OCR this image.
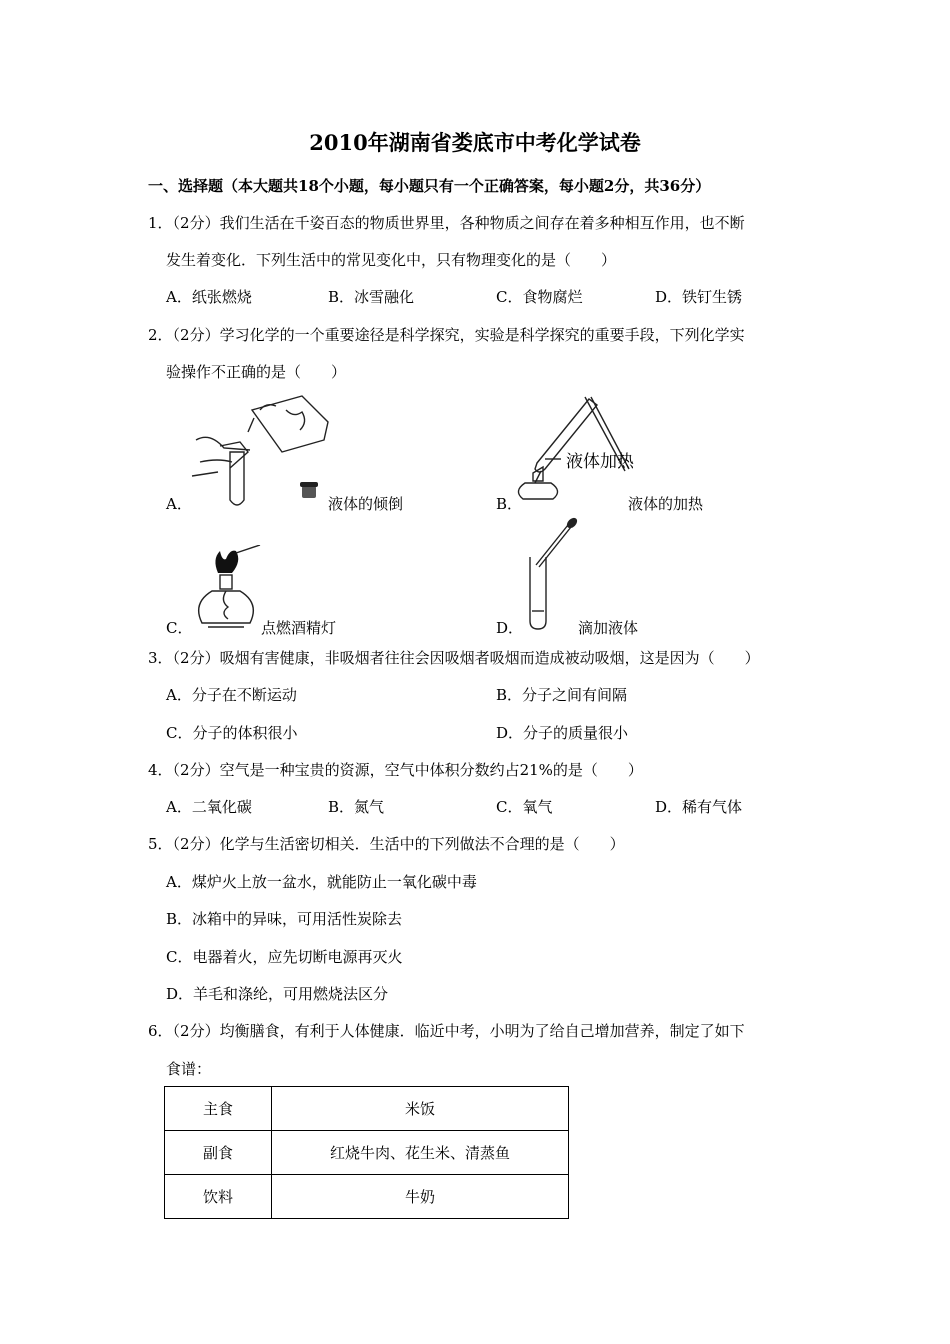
2010年湖南省娄底市中考化学试卷
一、选择题（本大题共18个小题，每小题只有一个正确答案，每小题2分，共36分）
1．（2分）我们生活在千姿百态的物质世界里，各种物质之间存在着多种相互作用，也不断
发生着变化．下列生活中的常见变化中，只有物理变化的是（　　）
A．纸张燃烧	B．冰雪融化	C．食物腐烂	D．铁钉生锈
2．（2分）学习化学的一个重要途径是科学探究，实验是科学探究的重要手段，下列化学实
验操作不正确的是（　　）
A．	液体的倾倒
液体加热
B．	液体的加热
C．	点燃酒精灯	D．	滴加液体
3．（2分）吸烟有害健康，非吸烟者往往会因吸烟者吸烟而造成被动吸烟，这是因为（　　）
A．分子在不断运动	B．分子之间有间隔
C．分子的体积很小	D．分子的质量很小
4．（2分）空气是一种宝贵的资源，空气中体积分数约占21%的是（　　）
A．二氧化碳	B．氮气	C．氧气	D．稀有气体
5．（2分）化学与生活密切相关．生活中的下列做法不合理的是（　　）
A．煤炉火上放一盆水，就能防止一氧化碳中毒
B．冰箱中的异味，可用活性炭除去
C．电器着火，应先切断电源再灭火
D．羊毛和涤纶，可用燃烧法区分
6．（2分）均衡膳食，有利于人体健康．临近中考，小明为了给自己增加营养，制定了如下
食谱：
主食	米饭
副食	红烧牛肉、花生米、清蒸鱼
饮料	牛奶
